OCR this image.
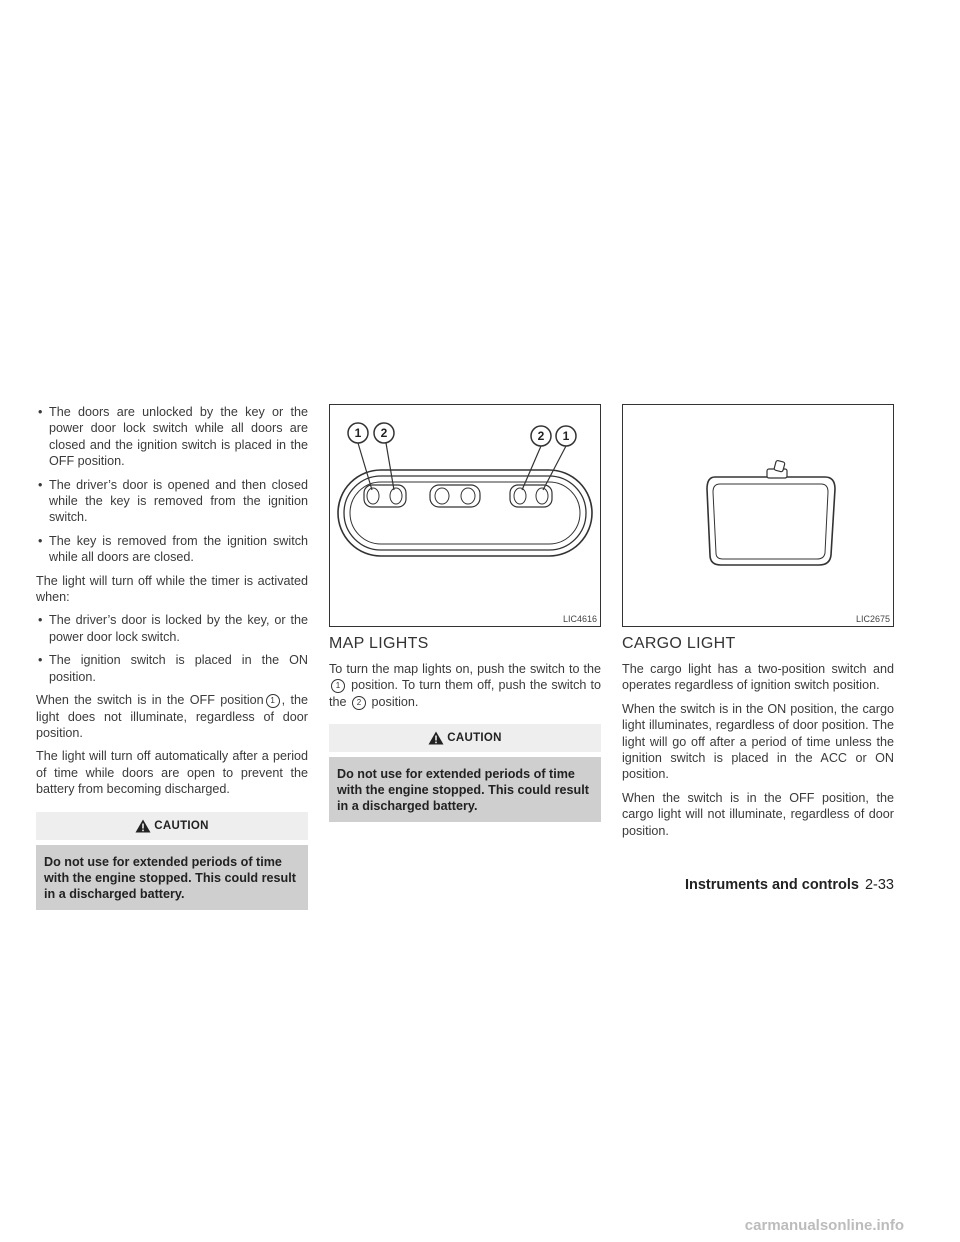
• The doors are unlocked by the key or the power door lock switch while all doors are closed and the ignition switch is placed in the OFF position.
• The driver’s door is opened and then closed while the key is removed from the ignition switch.
• The key is removed from the ignition switch while all doors are closed.

The light will turn off while the timer is activated when:

• The driver’s door is locked by the key, or the power door lock switch.
• The ignition switch is placed in the ON position.

When the switch is in the OFF position 1 , the light does not illuminate, regardless of door position.

The light will turn off automatically after a period of time while doors are open to prevent the battery from becoming discharged.

CAUTION
Do not use for extended periods of time with the engine stopped. This could result in a discharged battery.
1 2	2 1
LIC4616
MAP LIGHTS

To turn the map lights on, push the switch to the 1 position. To turn them off, push the switch to the 2 position.

CAUTION
Do not use for extended periods of time with the engine stopped. This could result in a discharged battery.
LIC2675
CARGO LIGHT

The cargo light has a two-position switch and operates regardless of ignition switch position.

When the switch is in the ON position, the cargo light illuminates, regardless of door position. The light will go off after a period of time unless the ignition switch is placed in the ACC or ON position.

When the switch is in the OFF position, the cargo light will not illuminate, regardless of door position.

Instruments and controls 2-33
carmanualsonline.info
